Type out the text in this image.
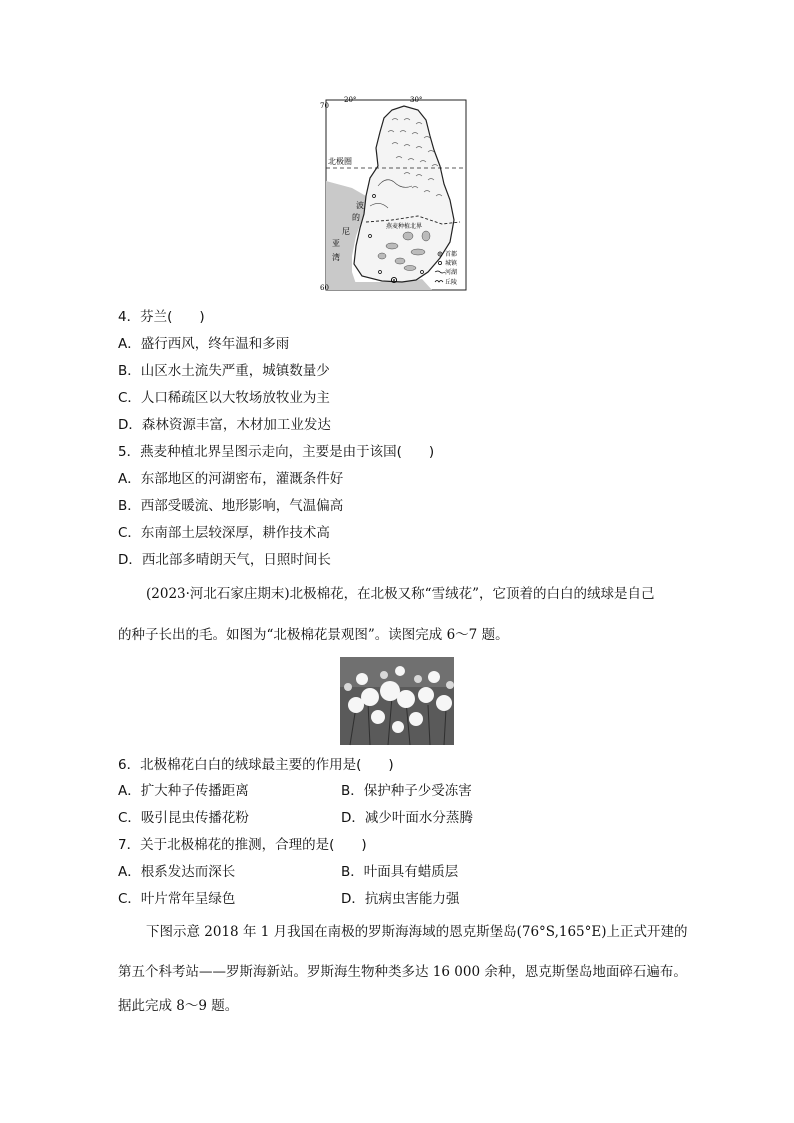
70
60
20°	30°
北极圈
波
的
尼
亚
湾
燕麦种植北界
首都
城镇
河湖
丘陵
4．芬兰(　　)
A．盛行西风，终年温和多雨
B．山区水土流失严重，城镇数量少
C．人口稀疏区以大牧场放牧业为主
D．森林资源丰富，木材加工业发达
5．燕麦种植北界呈图示走向，主要是由于该国(　　)
A．东部地区的河湖密布，灌溉条件好
B．西部受暖流、地形影响，气温偏高
C．东南部土层较深厚，耕作技术高
D．西北部多晴朗天气，日照时间长
(2023·河北石家庄期末)北极棉花，在北极又称“雪绒花”，它顶着的白白的绒球是自己
的种子长出的毛。如图为“北极棉花景观图”。读图完成 6～7 题。
6．北极棉花白白的绒球最主要的作用是(　　)
A．扩大种子传播距离	B．保护种子少受冻害
C．吸引昆虫传播花粉	D．减少叶面水分蒸腾
7．关于北极棉花的推测，合理的是(　　)
A．根系发达而深长	B．叶面具有蜡质层
C．叶片常年呈绿色	D．抗病虫害能力强
下图示意 2018 年 1 月我国在南极的罗斯海海域的恩克斯堡岛(76°S,165°E)上正式开建的
第五个科考站——罗斯海新站。罗斯海生物种类多达 16 000 余种，恩克斯堡岛地面碎石遍布。
据此完成 8～9 题。
